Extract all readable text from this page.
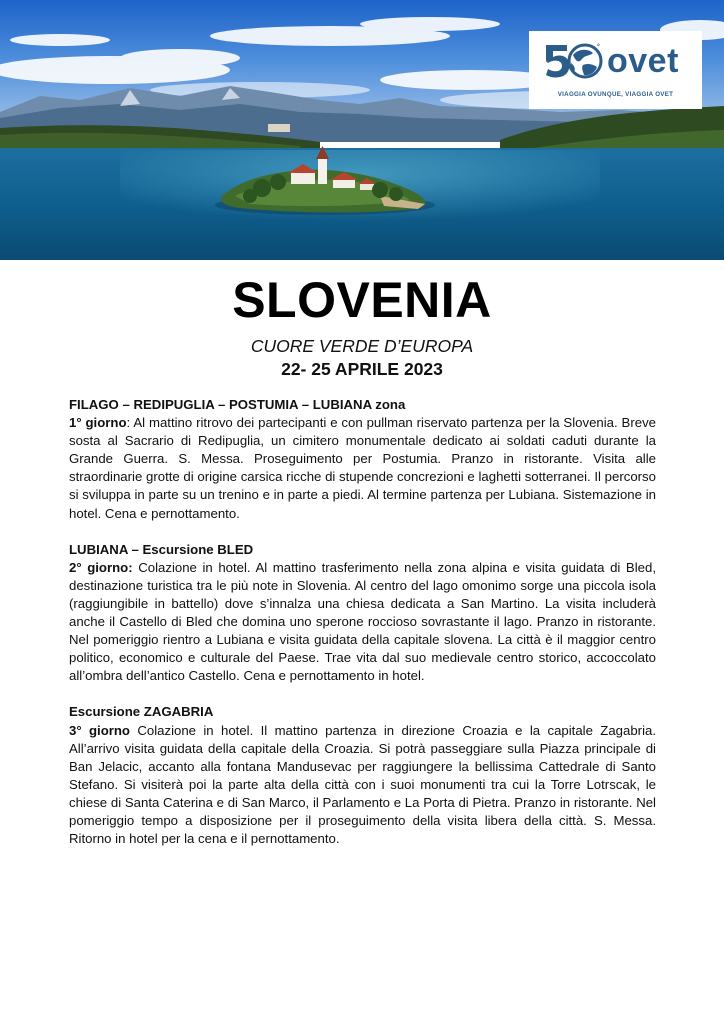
° ovet
VIAGGIA OVUNQUE, VIAGGIA OVET
SLOVENIA
CUORE VERDE D’EUROPA
22- 25 APRILE 2023

FILAGO – REDIPUGLIA – POSTUMIA – LUBIANA zona

1° giorno: Al mattino ritrovo dei partecipanti e con pullman riservato partenza per la Slovenia. Breve sosta al Sacrario di Redipuglia, un cimitero monumentale dedicato ai soldati caduti durante la Grande Guerra. S. Messa. Proseguimento per Postumia. Pranzo in ristorante. Visita alle straordinarie grotte di origine carsica ricche di stupende concrezioni e laghetti sotterranei. Il percorso si sviluppa in parte su un trenino e in parte a piedi. Al termine partenza per Lubiana. Sistemazione in hotel. Cena e pernottamento.

LUBIANA – Escursione BLED

2° giorno: Colazione in hotel. Al mattino trasferimento nella zona alpina e visita guidata di Bled, destinazione turistica tra le più note in Slovenia. Al centro del lago omonimo sorge una piccola isola (raggiungibile in battello) dove s’innalza una chiesa dedicata a San Martino. La visita includerà anche il Castello di Bled che domina uno sperone roccioso sovrastante il lago. Pranzo in ristorante. Nel pomeriggio rientro a Lubiana e visita guidata della capitale slovena. La città è il maggior centro politico, economico e culturale del Paese. Trae vita dal suo medievale centro storico, accoccolato all’ombra dell’antico Castello. Cena e pernottamento in hotel.

Escursione ZAGABRIA

3° giorno Colazione in hotel. Il mattino partenza in direzione Croazia e la capitale Zagabria. All’arrivo visita guidata della capitale della Croazia. Si potrà passeggiare sulla Piazza principale di Ban Jelacic, accanto alla fontana Mandusevac per raggiungere la bellissima Cattedrale di Santo Stefano. Si visiterà poi la parte alta della città con i suoi monumenti tra cui la Torre Lotrscak, le chiese di Santa Caterina e di San Marco, il Parlamento e La Porta di Pietra. Pranzo in ristorante. Nel pomeriggio tempo a disposizione per il proseguimento della visita libera della città. S. Messa. Ritorno in hotel per la cena e il pernottamento.
